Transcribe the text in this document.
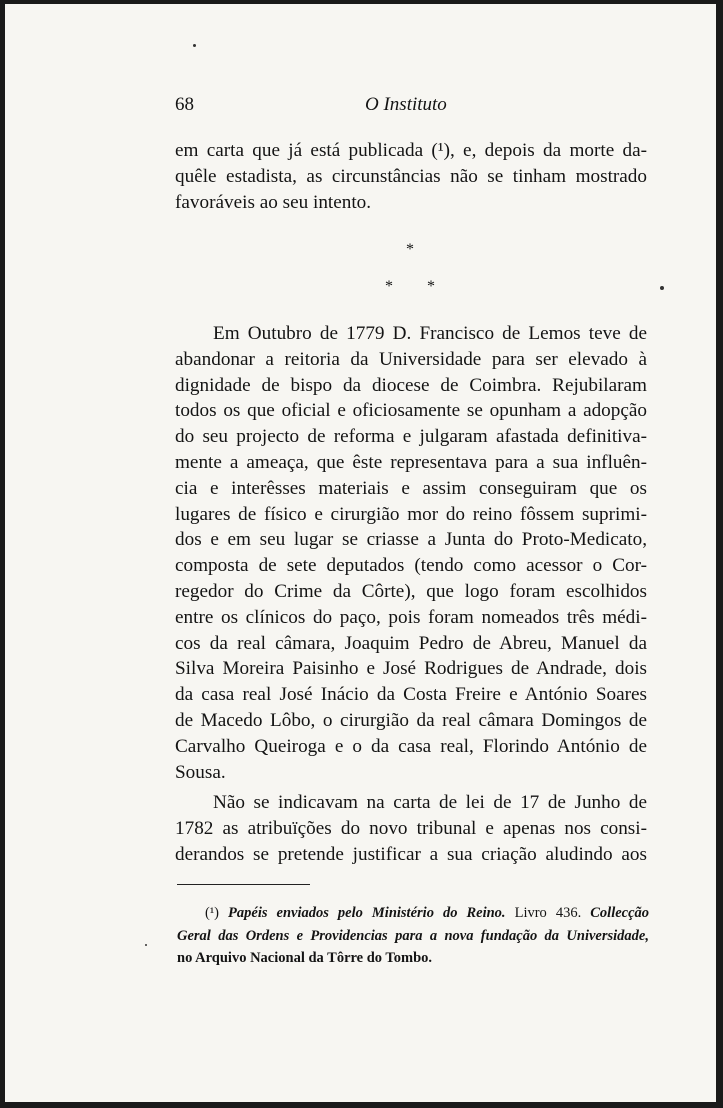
68	O Instituto
em carta que já está publicada (¹), e, depois da morte da-
quêle estadista, as circunstâncias não se tinham mostrado
favoráveis ao seu intento.
*
* *
Em Outubro de 1779 D. Francisco de Lemos teve de
abandonar a reitoria da Universidade para ser elevado à
dignidade de bispo da diocese de Coimbra. Rejubilaram
todos os que oficial e oficiosamente se opunham a adopção
do seu projecto de reforma e julgaram afastada definitiva-
mente a ameaça, que êste representava para a sua influên-
cia e interêsses materiais e assim conseguiram que os
lugares de físico e cirurgião mor do reino fôssem suprimi-
dos e em seu lugar se criasse a Junta do Proto-Medicato,
composta de sete deputados (tendo como acessor o Cor-
regedor do Crime da Côrte), que logo foram escolhidos
entre os clínicos do paço, pois foram nomeados três médi-
cos da real câmara, Joaquim Pedro de Abreu, Manuel da
Silva Moreira Paisinho e José Rodrigues de Andrade, dois
da casa real José Inácio da Costa Freire e António Soares
de Macedo Lôbo, o cirurgião da real câmara Domingos de
Carvalho Queiroga e o da casa real, Florindo António de
Sousa.
Não se indicavam na carta de lei de 17 de Junho de
1782 as atribuïções do novo tribunal e apenas nos consi-
derandos se pretende justificar a sua criação aludindo aos
(¹) Papéis enviados pelo Ministério do Reino. Livro 436. Collecção
Geral das Ordens e Providencias para a nova fundação da Universidade,
no Arquivo Nacional da Tôrre do Tombo.
